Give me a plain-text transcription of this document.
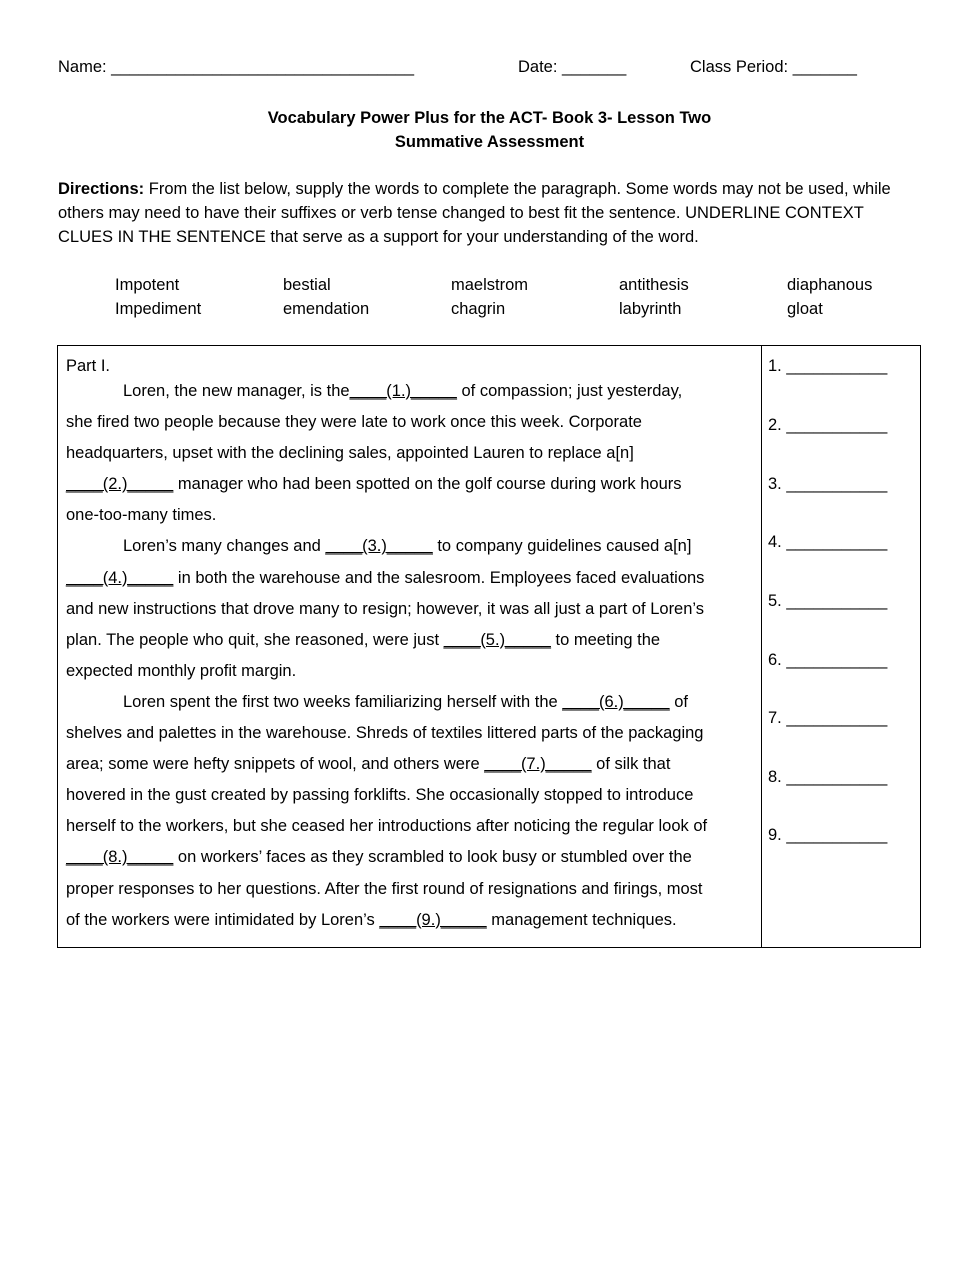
Name: _________________________________	Date: _______	Class Period: _______
Vocabulary Power Plus for the ACT- Book 3- Lesson Two
Summative Assessment
Directions: From the list below, supply the words to complete the paragraph. Some words may not be used, while others may need to have their suffixes or verb tense changed to best fit the sentence. UNDERLINE CONTEXT CLUES IN THE SENTENCE that serve as a support for your understanding of the word.
Impotent	bestial	maelstrom	antithesis	diaphanous
Impediment	emendation	chagrin	labyrinth	gloat
Part I.
Loren, the new manager, is the____(1.)_____ of compassion; just yesterday,
she fired two people because they were late to work once this week. Corporate
headquarters, upset with the declining sales, appointed Lauren to replace a[n]
____(2.)_____ manager who had been spotted on the golf course during work hours
one-too-many times.
Loren’s many changes and ____(3.)_____ to company guidelines caused a[n]
____(4.)_____ in both the warehouse and the salesroom. Employees faced evaluations
and new instructions that drove many to resign; however, it was all just a part of Loren’s
plan. The people who quit, she reasoned, were just ____(5.)_____ to meeting the
expected monthly profit margin.
Loren spent the first two weeks familiarizing herself with the ____(6.)_____ of
shelves and palettes in the warehouse. Shreds of textiles littered parts of the packaging
area; some were hefty snippets of wool, and others were ____(7.)_____ of silk that
hovered in the gust created by passing forklifts. She occasionally stopped to introduce
herself to the workers, but she ceased her introductions after noticing the regular look of
____(8.)_____ on workers’ faces as they scrambled to look busy or stumbled over the
proper responses to her questions. After the first round of resignations and firings, most
of the workers were intimidated by Loren’s ____(9.)_____ management techniques.
1. ___________
2. ___________
3. ___________
4. ___________
5. ___________
6. ___________
7. ___________
8. ___________
9. ___________
